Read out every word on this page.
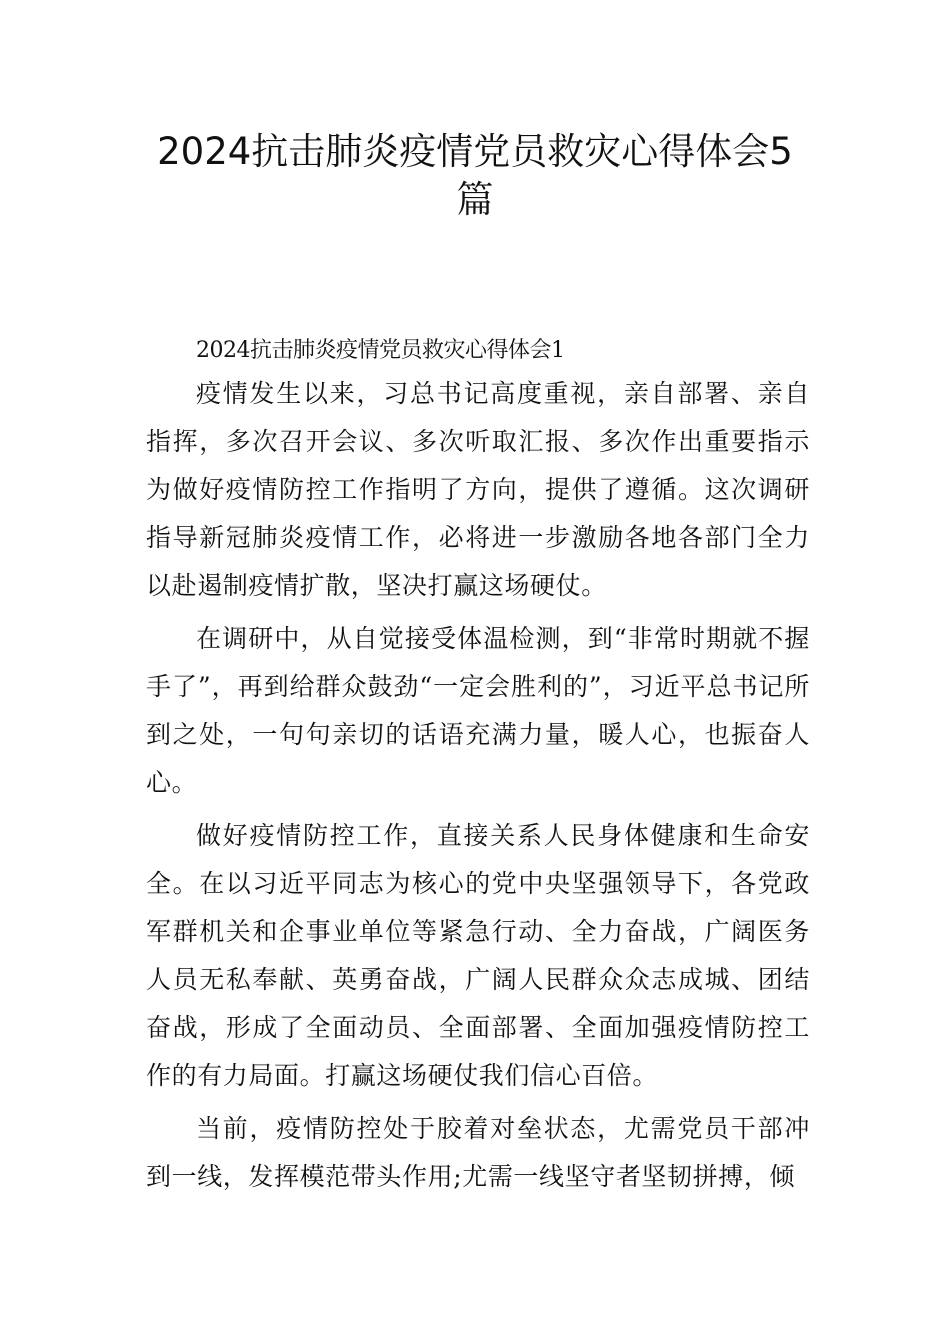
2024抗击肺炎疫情党员救灾心得体会5篇

2024抗击肺炎疫情党员救灾心得体会1

疫情发生以来，习总书记高度重视，亲自部署、亲自指挥，多次召开会议、多次听取汇报、多次作出重要指示为做好疫情防控工作指明了方向，提供了遵循。这次调研指导新冠肺炎疫情工作，必将进一步激励各地各部门全力以赴遏制疫情扩散，坚决打赢这场硬仗。

在调研中，从自觉接受体温检测，到“非常时期就不握手了”，再到给群众鼓劲“一定会胜利的”，习近平总书记所到之处，一句句亲切的话语充满力量，暖人心，也振奋人心。

做好疫情防控工作，直接关系人民身体健康和生命安全。在以习近平同志为核心的党中央坚强领导下，各党政军群机关和企事业单位等紧急行动、全力奋战，广阔医务人员无私奉献、英勇奋战，广阔人民群众众志成城、团结奋战，形成了全面动员、全面部署、全面加强疫情防控工作的有力局面。打赢这场硬仗我们信心百倍。

当前，疫情防控处于胶着对垒状态，尤需党员干部冲到一线，发挥模范带头作用;尤需一线坚守者坚韧拼搏，倾
